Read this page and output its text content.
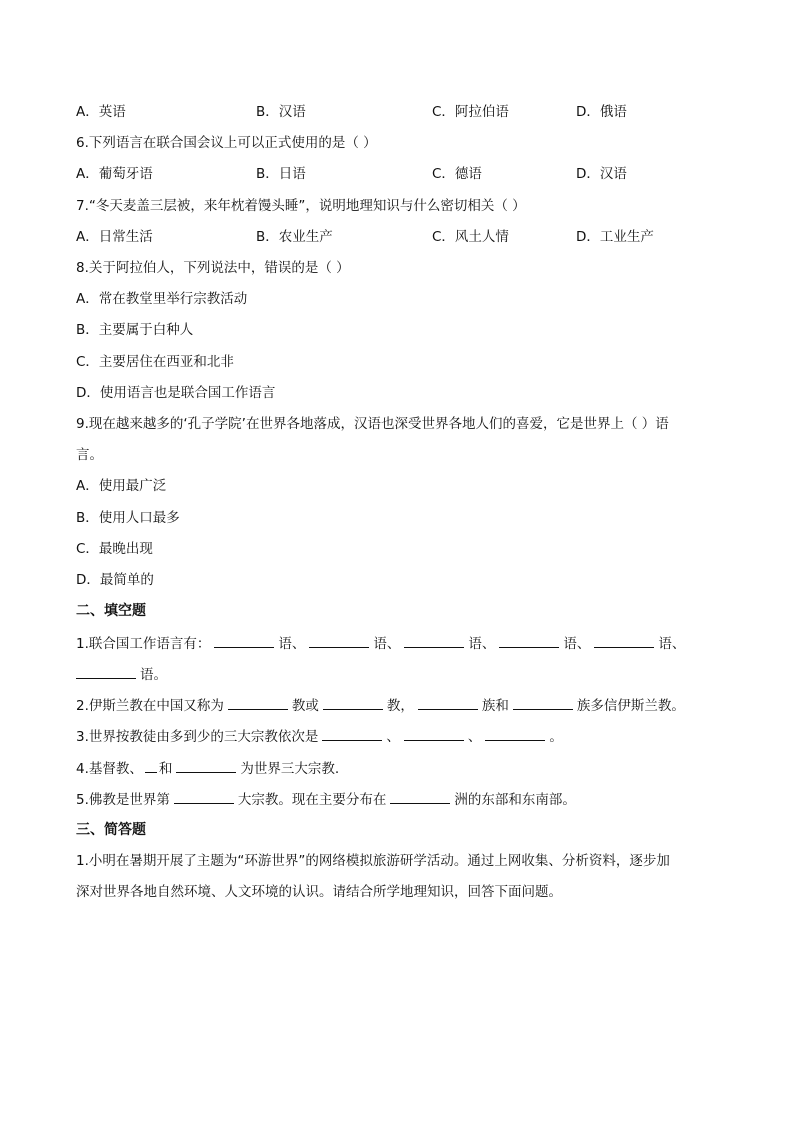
A．英语	B．汉语	C．阿拉伯语	D．俄语
6.下列语言在联合国会议上可以正式使用的是（ ）
A．葡萄牙语	B．日语	C．德语	D．汉语
7.“冬天麦盖三层被，来年枕着馒头睡”，说明地理知识与什么密切相关（ ）
A．日常生活	B．农业生产	C．风土人情	D．工业生产
8.关于阿拉伯人，下列说法中，错误的是（ ）
A．常在教堂里举行宗教活动
B．主要属于白种人
C．主要居住在西亚和北非
D．使用语言也是联合国工作语言
9.现在越来越多的‘孔子学院’在世界各地落成，汉语也深受世界各地人们的喜爱，它是世界上（ ）语
言。
A．使用最广泛
B．使用人口最多
C．最晚出现
D．最简单的
二、填空题
1.联合国工作语言有：	语、	语、	语、	语、	语、
语。
2.伊斯兰教在中国又称为	教或	教，	族和	族多信伊斯兰教。
3.世界按教徒由多到少的三大宗教依次是	、	、	。
4.基督教、 和	为世界三大宗教.
5.佛教是世界第	大宗教。现在主要分布在	洲的东部和东南部。
三、简答题
1.小明在暑期开展了主题为“环游世界”的网络模拟旅游研学活动。通过上网收集、分析资料，逐步加
深对世界各地自然环境、人文环境的认识。请结合所学地理知识，回答下面问题。
